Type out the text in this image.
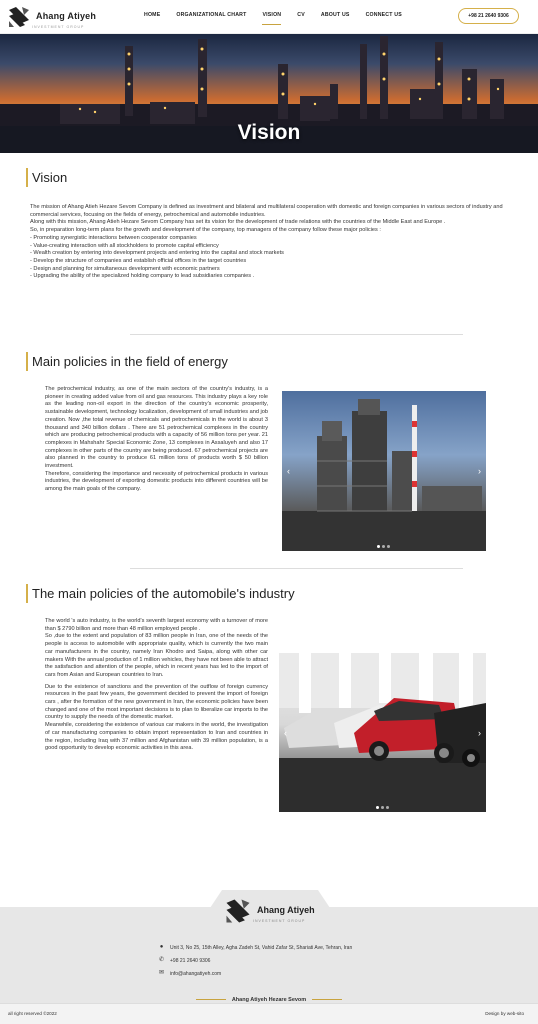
Ahang Atiyeh
INVESTMENT GROUP
HOME	ORGANIZATIONAL CHART	VISION	CV	ABOUT US	CONNECT US	+98 21 2640 9306
Vision
Vision

The mission of Ahang Atieh Hezare Sevom Company is defined as investment and bilateral and multilateral cooperation with domestic and foreign companies in various sectors of industry and commercial services, focusing on the fields of energy, petrochemical and automobile industries.

Along with this mission, Ahang Atieh Hezare Sevom Company has set its vision for the development of trade relations with the countries of the Middle East and Europe .

So, in preparation long-term plans for the growth and development of the company, top managers of the company follow these major policies :

- Promoting synergistic interactions between cooperator companies

- Value-creating interaction with all stockholders to promote capital efficiency

- Wealth creation by entering into development projects and entering into the capital and stock markets

- Develop the structure of companies and establish official offices in the target countries

- Design and planning for simultaneous development with economic partners

- Upgrading the ability of the specialized holding company to lead subsidiaries companies .

Main policies in the field of energy

The petrochemical industry, as one of the main sectors of the country's industry, is a pioneer in creating added value from oil and gas resources. This industry plays a key role as the leading non-oil export in the direction of the country's economic prosperity, sustainable development, technology localization, development of small industries and job creation. Now ,the total revenue of chemicals and petrochemicals in the world is about 3 thousand and 340 billion dollars . There are 51 petrochemical complexes in the country which are producing petrochemical products with a capacity of 56 million tons per year. 21 complexes in Mahshahr Special Economic Zone, 13 complexes in Assaluyeh and also 17 complexes in other parts of the country are being produced. 67 petrochemical projects are also planned in the country to produce 61 million tons of products worth $ 50 billion investment.

Therefore, considering the importance and necessity of petrochemical products in various industries, the development of exporting domestic products into different countries will be among the main goals of the company.

‹	›
The main policies of the automobile's industry

The world 's auto industry, is the world's seventh largest economy with a turnover of more than $ 2790 billion and more than 48 million employed people .

So ,due to the extent and population of 83 million people in Iran, one of the needs of the people is access to automobile with appropriate quality, which is currently the two main car manufacturers in the country, namely Iran Khodro and Saipa, along with other car makers With the annual production of 1 million vehicles, they have not been able to attract the satisfaction and attention of the people, which in recent years has led to the import of cars from Asian and European countries to Iran.

Due to the existence of sanctions and the prevention of the outflow of foreign currency resources in the past few years, the government decided to prevent the import of foreign cars , after the formation of the new government in Iran, the economic policies have been changed and one of the most important decisions is to plan to liberalize car imports to the country to supply the needs of the domestic market.

Meanwhile, considering the existence of various car makers in the world, the investigation of car manufacturing companies to obtain import representation to Iran and countries in the region, including Iraq with 37 million and Afghanistan with 39 million population, is a good opportunity to develop economic activities in this area.

‹	›
Ahang Atiyeh
INVESTMENT GROUP
●	Unit 3, No 25, 15th Alley, Agha Zadeh St, Vahid Zafar St, Shariati Ave, Tehran, Iran
✆ +98 21 2640 9306
✉ info@ahangatiyeh.com
Ahang Atiyeh Hezare Sevom
all right reserved ©2022	Design by web-sito
